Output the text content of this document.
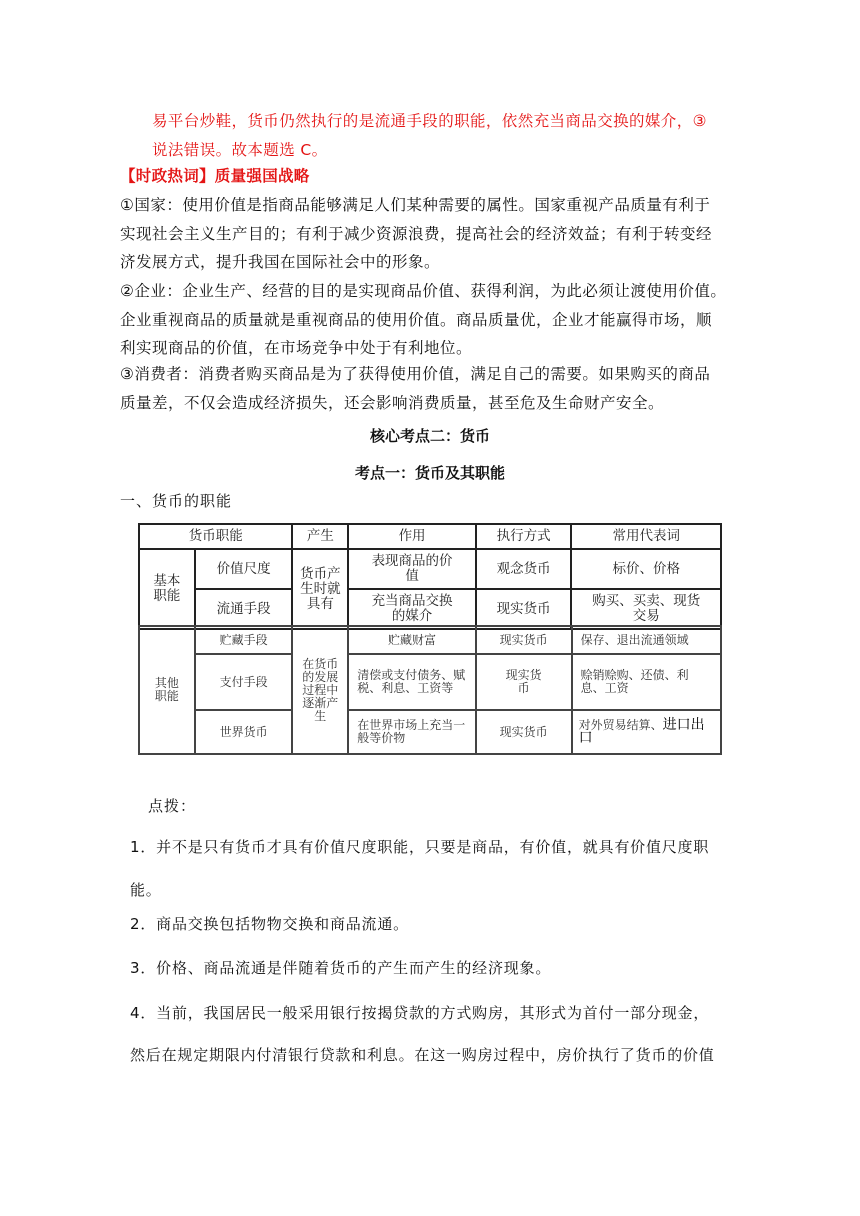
易平台炒鞋，货币仍然执行的是流通手段的职能，依然充当商品交换的媒介，③
说法错误。故本题选 C。
【时政热词】质量强国战略
①国家：使用价值是指商品能够满足人们某种需要的属性。国家重视产品质量有利于
实现社会主义生产目的；有利于减少资源浪费，提高社会的经济效益；有利于转变经
济发展方式，提升我国在国际社会中的形象。
②企业：企业生产、经营的目的是实现商品价值、获得利润，为此必须让渡使用价值。
企业重视商品的质量就是重视商品的使用价值。商品质量优，企业才能赢得市场，顺
利实现商品的价值，在市场竞争中处于有利地位。
③消费者：消费者购买商品是为了获得使用价值，满足自己的需要。如果购买的商品
质量差，不仅会造成经济损失，还会影响消费质量，甚至危及生命财产安全。
核心考点二：货币
考点一：货币及其职能
一、货币的职能
货币职能		产生	作用	执行方式	常用代表词
基本职能	价值尺度	货币产生时就具有	表现商品的价值	观念货币	标价、价格
	流通手段		充当商品交换的媒介	现实货币	购买、买卖、现货交易
其他职能	贮藏手段	在货币的发展过程中逐渐产生	贮藏财富	现实货币	保存、退出流通领域
	支付手段		清偿或支付债务、赋税、利息、工资等	现实货币	赊销赊购、还债、利息、工资
	世界货币		在世界市场上充当一般等价物	现实货币	对外贸易结算、进口出口
点拨：
1．并不是只有货币才具有价值尺度职能，只要是商品，有价值，就具有价值尺度职
能。
2．商品交换包括物物交换和商品流通。
3．价格、商品流通是伴随着货币的产生而产生的经济现象。
4．当前，我国居民一般采用银行按揭贷款的方式购房，其形式为首付一部分现金，
然后在规定期限内付清银行贷款和利息。在这一购房过程中，房价执行了货币的价值
